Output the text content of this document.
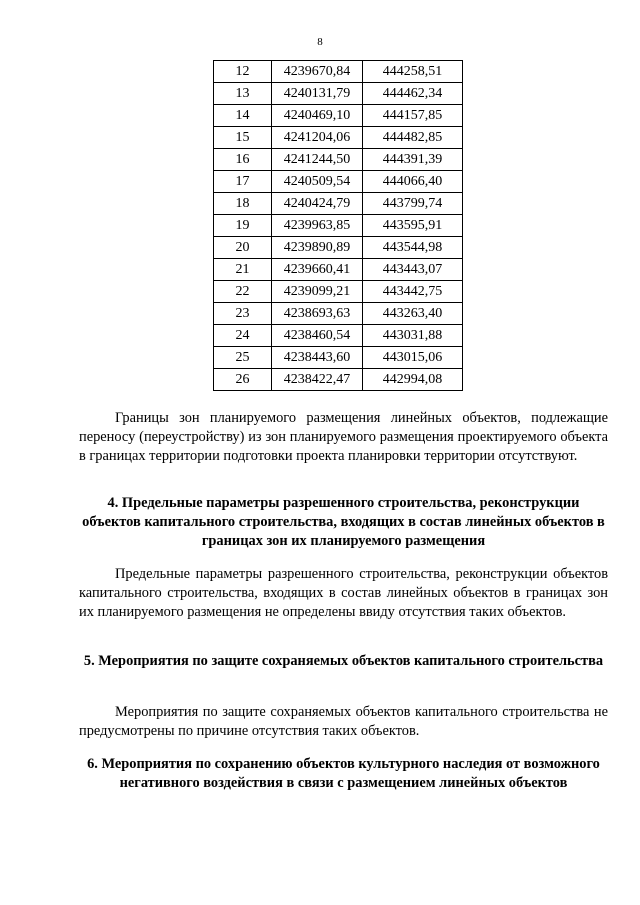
8
12	4239670,84	444258,51
13	4240131,79	444462,34
14	4240469,10	444157,85
15	4241204,06	444482,85
16	4241244,50	444391,39
17	4240509,54	444066,40
18	4240424,79	443799,74
19	4239963,85	443595,91
20	4239890,89	443544,98
21	4239660,41	443443,07
22	4239099,21	443442,75
23	4238693,63	443263,40
24	4238460,54	443031,88
25	4238443,60	443015,06
26	4238422,47	442994,08

Границы зон планируемого размещения линейных объектов, подлежащие переносу (переустройству) из зон планируемого размещения проектируемого объекта в границах территории подготовки проекта планировки территории отсутствуют.

4. Предельные параметры разрешенного строительства, реконструкции объектов капитального строительства, входящих в состав линейных объектов в границах зон их планируемого размещения

Предельные параметры разрешенного строительства, реконструкции объектов капитального строительства, входящих в состав линейных объектов в границах зон их планируемого размещения не определены ввиду отсутствия таких объектов.

5. Мероприятия по защите сохраняемых объектов капитального строительства

Мероприятия по защите сохраняемых объектов капитального строительства не предусмотрены по причине отсутствия таких объектов.

6. Мероприятия по сохранению объектов культурного наследия от возможного негативного воздействия в связи с размещением линейных объектов
